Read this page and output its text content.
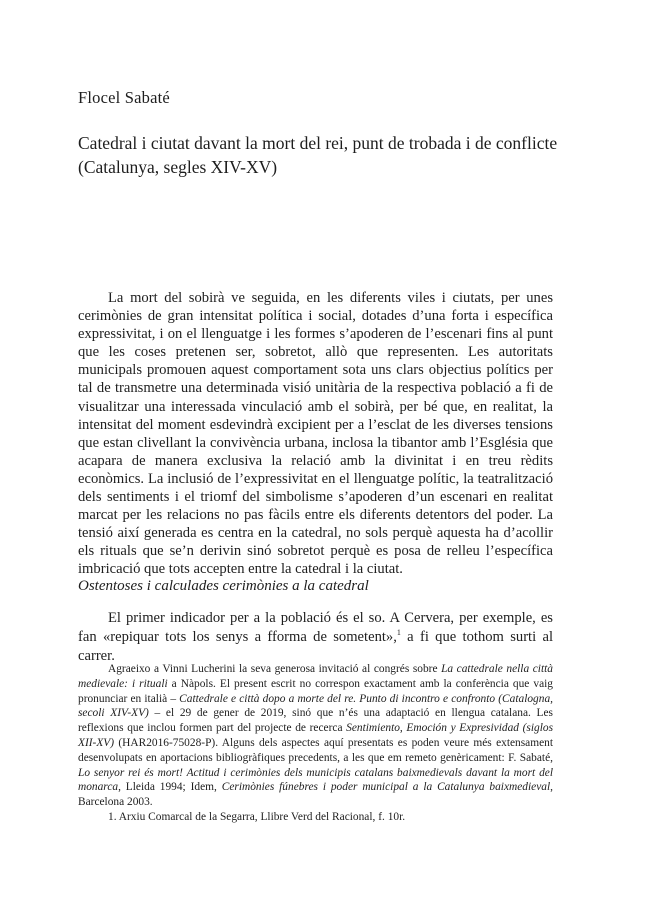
Flocel Sabaté
Catedral i ciutat davant la mort del rei, punt de trobada i de conflicte
(Catalunya, segles XIV-XV)

La mort del sobirà ve seguida, en les diferents viles i ciutats, per unes cerimònies de gran intensitat política i social, dotades d’una forta i específica expressivitat, i on el llenguatge i les formes s’apoderen de l’escenari fins al punt que les coses pretenen ser, sobretot, allò que representen. Les autoritats municipals promouen aquest comportament sota uns clars objectius polítics per tal de transmetre una determinada visió unitària de la respectiva població a fi de visualitzar una interessada vinculació amb el sobirà, per bé que, en realitat, la intensitat del moment esdevindrà excipient per a l’esclat de les diverses tensions que estan clivellant la convivència urbana, inclosa la tibantor amb l’Església que acapara de manera exclusiva la relació amb la divinitat i en treu rèdits econòmics. La inclusió de l’expressivitat en el llenguatge polític, la teatralització dels sentiments i el triomf del simbolisme s’apoderen d’un escenari en realitat marcat per les relacions no pas fàcils entre els diferents detentors del poder. La tensió així generada es centra en la catedral, no sols perquè aquesta ha d’acollir els rituals que se’n derivin sinó sobretot perquè es posa de relleu l’específica imbricació que tots accepten entre la catedral i la ciutat.

Ostentoses i calculades cerimònies a la catedral

El primer indicador per a la població és el so. A Cervera, per exemple, es fan «repiquar tots los senys a fforma de sometent»,$^1$ a fi que tothom surti al carrer.

Agraeixo a Vinni Lucherini la seva generosa invitació al congrés sobre La cattedrale nella città medievale: i rituali a Nàpols. El present escrit no correspon exactament amb la conferència que vaig pronunciar en italià – Cattedrale e città dopo a morte del re. Punto di incontro e confronto (Catalogna, secoli XIV-XV) – el 29 de gener de 2019, sinó que n’és una adaptació en llengua catalana. Les reflexions que inclou formen part del projecte de recerca Sentimiento, Emoción y Expresividad (siglos XII-XV) (HAR2016-75028-P). Alguns dels aspectes aquí presentats es poden veure més extensament desenvolupats en aportacions bibliogràfiques precedents, a les que em remeto genèricament: F. Sabaté, Lo senyor rei és mort! Actitud i cerimònies dels municipis catalans baixmedievals davant la mort del monarca, Lleida 1994; Idem, Cerimònies fúnebres i poder municipal a la Catalunya baixmedieval, Barcelona 2003.

1. Arxiu Comarcal de la Segarra, Llibre Verd del Racional, f. 10r.
